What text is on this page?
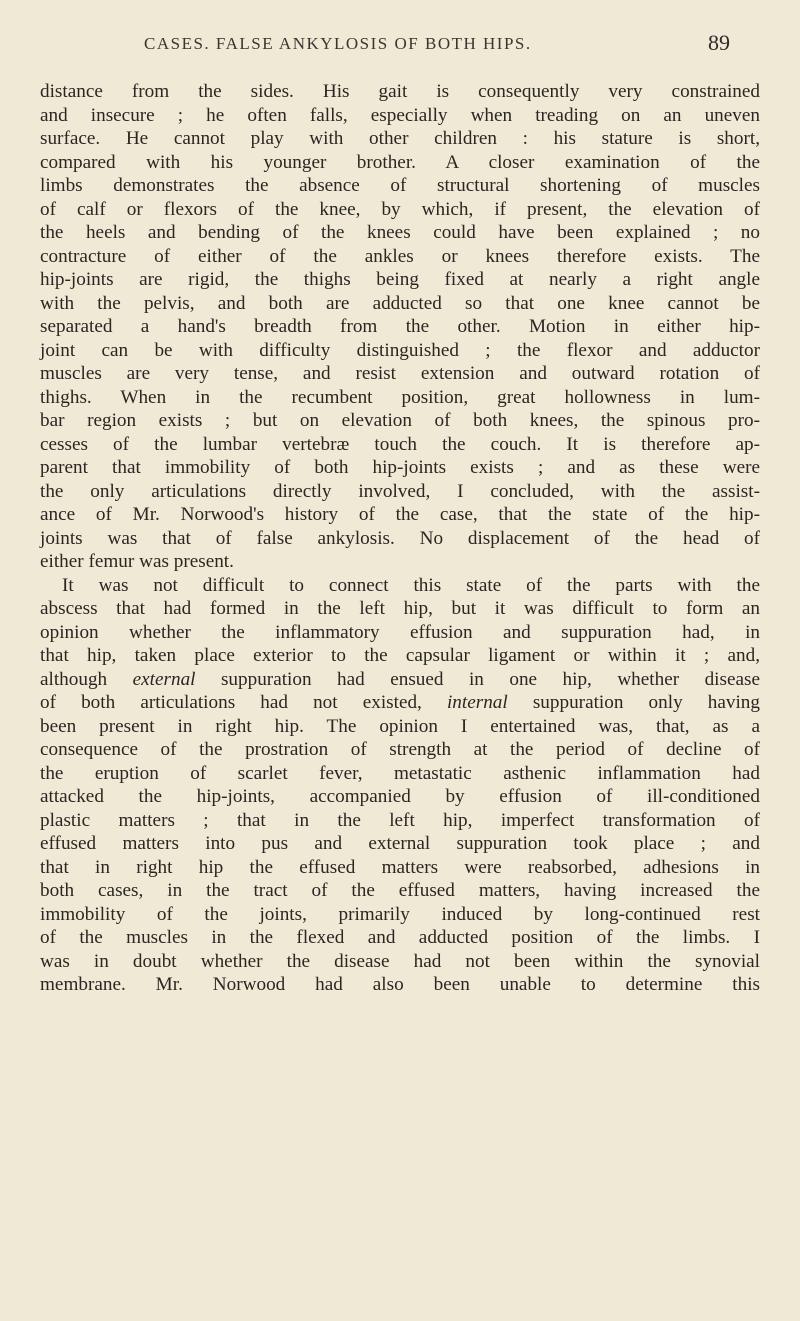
CASES. FALSE ANKYLOSIS OF BOTH HIPS.	89

distance from the sides. His gait is consequently very constrained
and insecure ; he often falls, especially when treading on an uneven
surface. He cannot play with other children : his stature is short,
compared with his younger brother. A closer examination of the
limbs demonstrates the absence of structural shortening of muscles
of calf or flexors of the knee, by which, if present, the elevation of
the heels and bending of the knees could have been explained ; no
contracture of either of the ankles or knees therefore exists. The
hip-joints are rigid, the thighs being fixed at nearly a right angle
with the pelvis, and both are adducted so that one knee cannot be
separated a hand's breadth from the other. Motion in either hip-
joint can be with difficulty distinguished ; the flexor and adductor
muscles are very tense, and resist extension and outward rotation of
thighs. When in the recumbent position, great hollowness in lum-
bar region exists ; but on elevation of both knees, the spinous pro-
cesses of the lumbar vertebræ touch the couch. It is therefore ap-
parent that immobility of both hip-joints exists ; and as these were
the only articulations directly involved, I concluded, with the assist-
ance of Mr. Norwood's history of the case, that the state of the hip-
joints was that of false ankylosis. No displacement of the head of
either femur was present.

It was not difficult to connect this state of the parts with the
abscess that had formed in the left hip, but it was difficult to form an
opinion whether the inflammatory effusion and suppuration had, in
that hip, taken place exterior to the capsular ligament or within it ; and,
although external suppuration had ensued in one hip, whether disease
of both articulations had not existed, internal suppuration only having
been present in right hip. The opinion I entertained was, that, as a
consequence of the prostration of strength at the period of decline of
the eruption of scarlet fever, metastatic asthenic inflammation had
attacked the hip-joints, accompanied by effusion of ill-conditioned
plastic matters ; that in the left hip, imperfect transformation of
effused matters into pus and external suppuration took place ; and
that in right hip the effused matters were reabsorbed, adhesions in
both cases, in the tract of the effused matters, having increased the
immobility of the joints, primarily induced by long-continued rest
of the muscles in the flexed and adducted position of the limbs. I
was in doubt whether the disease had not been within the synovial
membrane. Mr. Norwood had also been unable to determine this
